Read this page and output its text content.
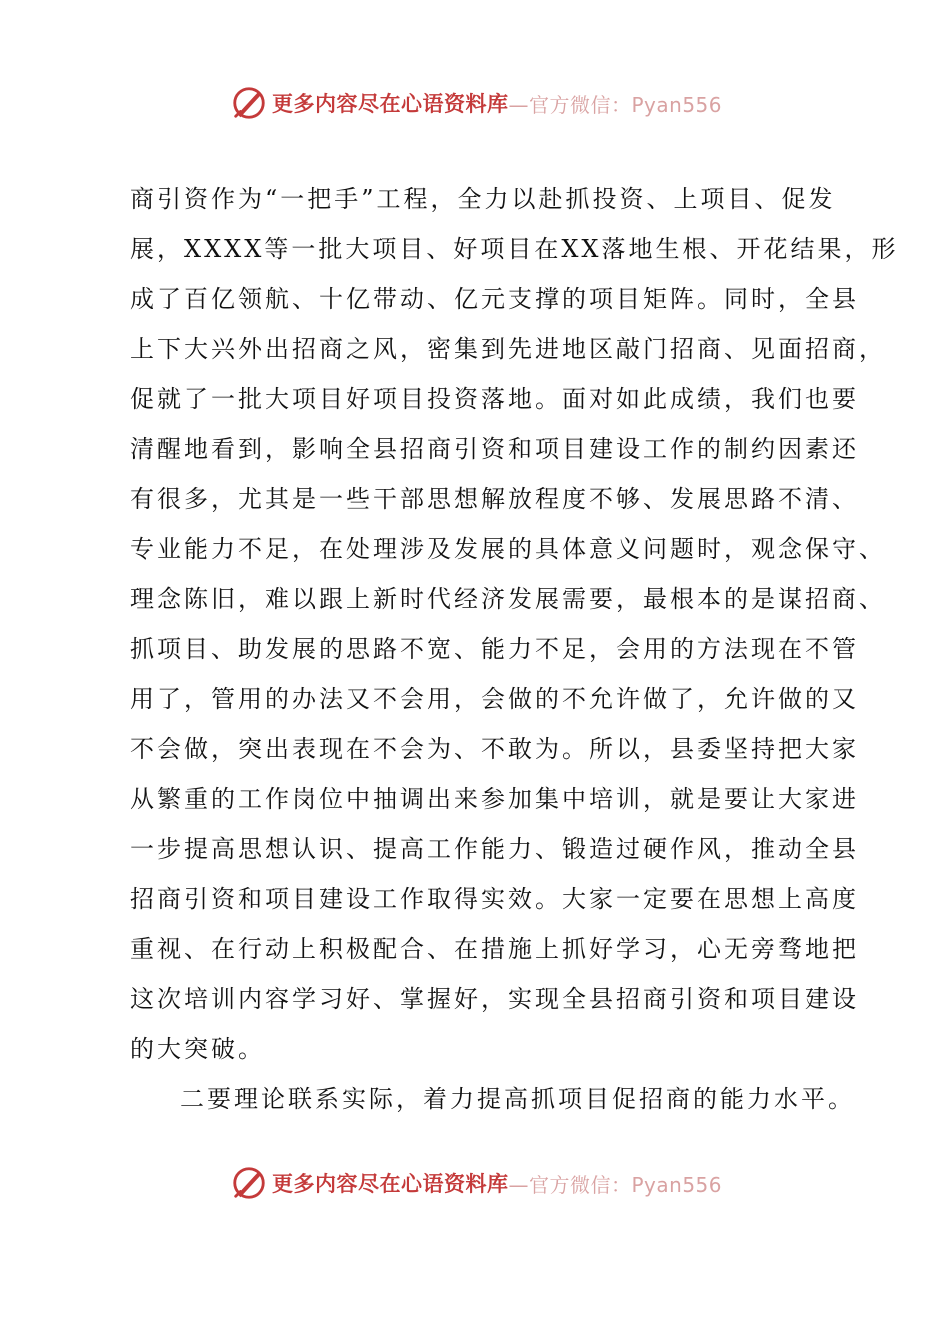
更多内容尽在心语资料库 —官方微信：Pyan556
商引资作为“一把手”工程，全力以赴抓投资、上项目、促发
展，XXXX等一批大项目、好项目在XX落地生根、开花结果，形
成了百亿领航、十亿带动、亿元支撑的项目矩阵。同时，全县
上下大兴外出招商之风，密集到先进地区敲门招商、见面招商，
促就了一批大项目好项目投资落地。面对如此成绩，我们也要
清醒地看到，影响全县招商引资和项目建设工作的制约因素还
有很多，尤其是一些干部思想解放程度不够、发展思路不清、
专业能力不足，在处理涉及发展的具体意义问题时，观念保守、
理念陈旧，难以跟上新时代经济发展需要，最根本的是谋招商、
抓项目、助发展的思路不宽、能力不足，会用的方法现在不管
用了，管用的办法又不会用，会做的不允许做了，允许做的又
不会做，突出表现在不会为、不敢为。所以，县委坚持把大家
从繁重的工作岗位中抽调出来参加集中培训，就是要让大家进
一步提高思想认识、提高工作能力、锻造过硬作风，推动全县
招商引资和项目建设工作取得实效。大家一定要在思想上高度
重视、在行动上积极配合、在措施上抓好学习，心无旁骛地把
这次培训内容学习好、掌握好，实现全县招商引资和项目建设
的大突破。
二要理论联系实际，着力提高抓项目促招商的能力水平。
更多内容尽在心语资料库 —官方微信：Pyan556
